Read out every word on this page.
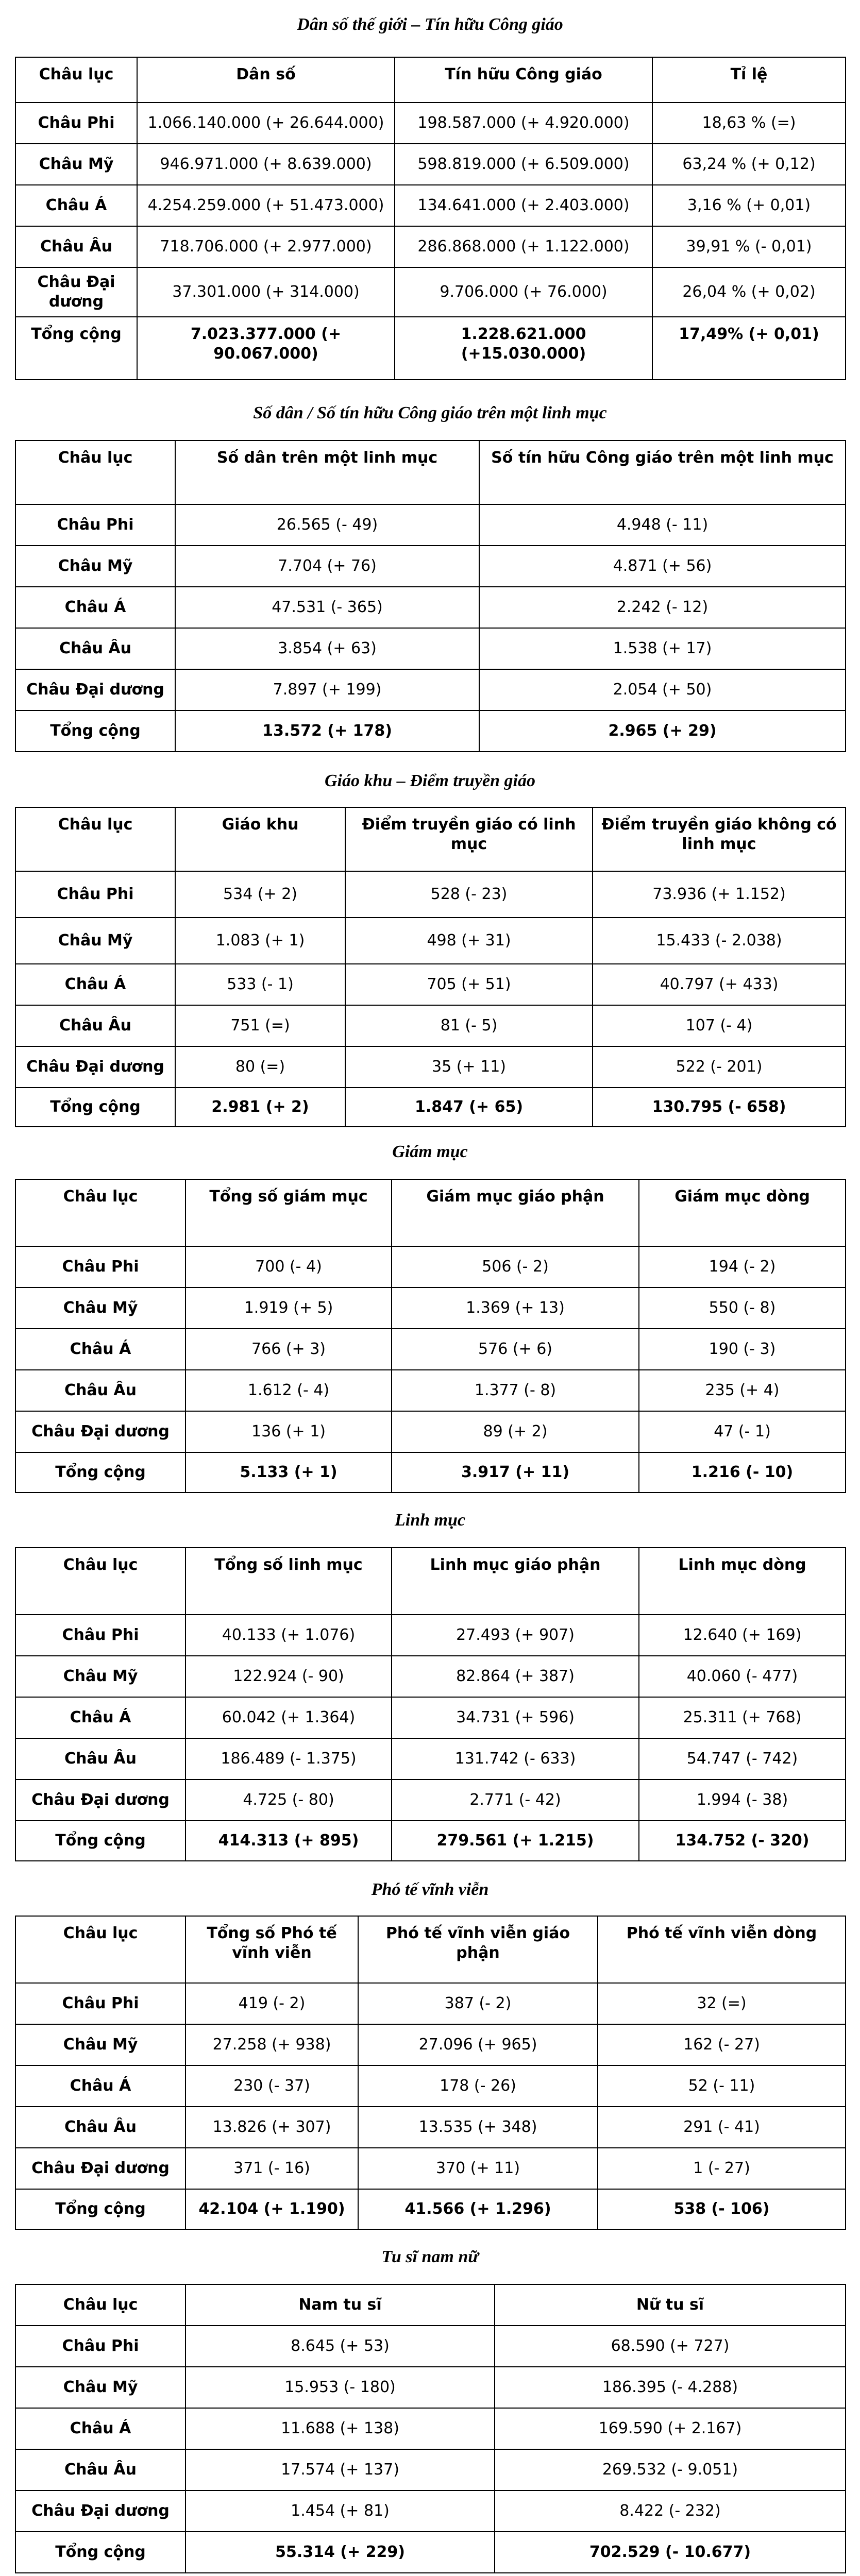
Dân số thế giới – Tín hữu Công giáo
Châu lục	Dân số	Tín hữu Công giáo	Tỉ lệ
Châu Phi	1.066.140.000 (+ 26.644.000)	198.587.000 (+ 4.920.000)	18,63 % (=)
Châu Mỹ	946.971.000 (+ 8.639.000)	598.819.000 (+ 6.509.000)	63,24 % (+ 0,12)
Châu Á	4.254.259.000 (+ 51.473.000)	134.641.000 (+ 2.403.000)	3,16 % (+ 0,01)
Châu Âu	718.706.000 (+ 2.977.000)	286.868.000 (+ 1.122.000)	39,91 % (- 0,01)
Châu Đại dương	37.301.000 (+ 314.000)	9.706.000 (+ 76.000)	26,04 % (+ 0,02)
Tổng cộng	7.023.377.000 (+ 90.067.000)	1.228.621.000 (+15.030.000)	17,49% (+ 0,01)
Số dân / Số tín hữu Công giáo trên một linh mục
Châu lục	Số dân trên một linh mục	Số tín hữu Công giáo trên một linh mục
Châu Phi	26.565 (- 49)	4.948 (- 11)
Châu Mỹ	7.704 (+ 76)	4.871 (+ 56)
Châu Á	47.531 (- 365)	2.242 (- 12)
Châu Âu	3.854 (+ 63)	1.538 (+ 17)
Châu Đại dương	7.897 (+ 199)	2.054 (+ 50)
Tổng cộng	13.572 (+ 178)	2.965 (+ 29)
Giáo khu – Điểm truyền giáo
Châu lục	Giáo khu	Điểm truyền giáo có linh mục	Điểm truyền giáo không có linh mục
Châu Phi	534 (+ 2)	528 (- 23)	73.936 (+ 1.152)
Châu Mỹ	1.083 (+ 1)	498 (+ 31)	15.433 (- 2.038)
Châu Á	533 (- 1)	705 (+ 51)	40.797 (+ 433)
Châu Âu	751 (=)	81 (- 5)	107 (- 4)
Châu Đại dương	80 (=)	35 (+ 11)	522 (- 201)
Tổng cộng	2.981 (+ 2)	1.847 (+ 65)	130.795 (- 658)
Giám mục
Châu lục	Tổng số giám mục	Giám mục giáo phận	Giám mục dòng
Châu Phi	700 (- 4)	506 (- 2)	194 (- 2)
Châu Mỹ	1.919 (+ 5)	1.369 (+ 13)	550 (- 8)
Châu Á	766 (+ 3)	576 (+ 6)	190 (- 3)
Châu Âu	1.612 (- 4)	1.377 (- 8)	235 (+ 4)
Châu Đại dương	136 (+ 1)	89 (+ 2)	47 (- 1)
Tổng cộng	5.133 (+ 1)	3.917 (+ 11)	1.216 (- 10)
Linh mục
Châu lục	Tổng số linh mục	Linh mục giáo phận	Linh mục dòng
Châu Phi	40.133 (+ 1.076)	27.493 (+ 907)	12.640 (+ 169)
Châu Mỹ	122.924 (- 90)	82.864 (+ 387)	40.060 (- 477)
Châu Á	60.042 (+ 1.364)	34.731 (+ 596)	25.311 (+ 768)
Châu Âu	186.489 (- 1.375)	131.742 (- 633)	54.747 (- 742)
Châu Đại dương	4.725 (- 80)	2.771 (- 42)	1.994 (- 38)
Tổng cộng	414.313 (+ 895)	279.561 (+ 1.215)	134.752 (- 320)
Phó tế vĩnh viễn
Châu lục	Tổng số Phó tế vĩnh viễn	Phó tế vĩnh viễn giáo phận	Phó tế vĩnh viễn dòng
Châu Phi	419 (- 2)	387 (- 2)	32 (=)
Châu Mỹ	27.258 (+ 938)	27.096 (+ 965)	162 (- 27)
Châu Á	230 (- 37)	178 (- 26)	52 (- 11)
Châu Âu	13.826 (+ 307)	13.535 (+ 348)	291 (- 41)
Châu Đại dương	371 (- 16)	370 (+ 11)	1 (- 27)
Tổng cộng	42.104 (+ 1.190)	41.566 (+ 1.296)	538 (- 106)
Tu sĩ nam nữ
Châu lục	Nam tu sĩ	Nữ tu sĩ
Châu Phi	8.645 (+ 53)	68.590 (+ 727)
Châu Mỹ	15.953 (- 180)	186.395 (- 4.288)
Châu Á	11.688 (+ 138)	169.590 (+ 2.167)
Châu Âu	17.574 (+ 137)	269.532 (- 9.051)
Châu Đại dương	1.454 (+ 81)	8.422 (- 232)
Tổng cộng	55.314 (+ 229)	702.529 (- 10.677)
